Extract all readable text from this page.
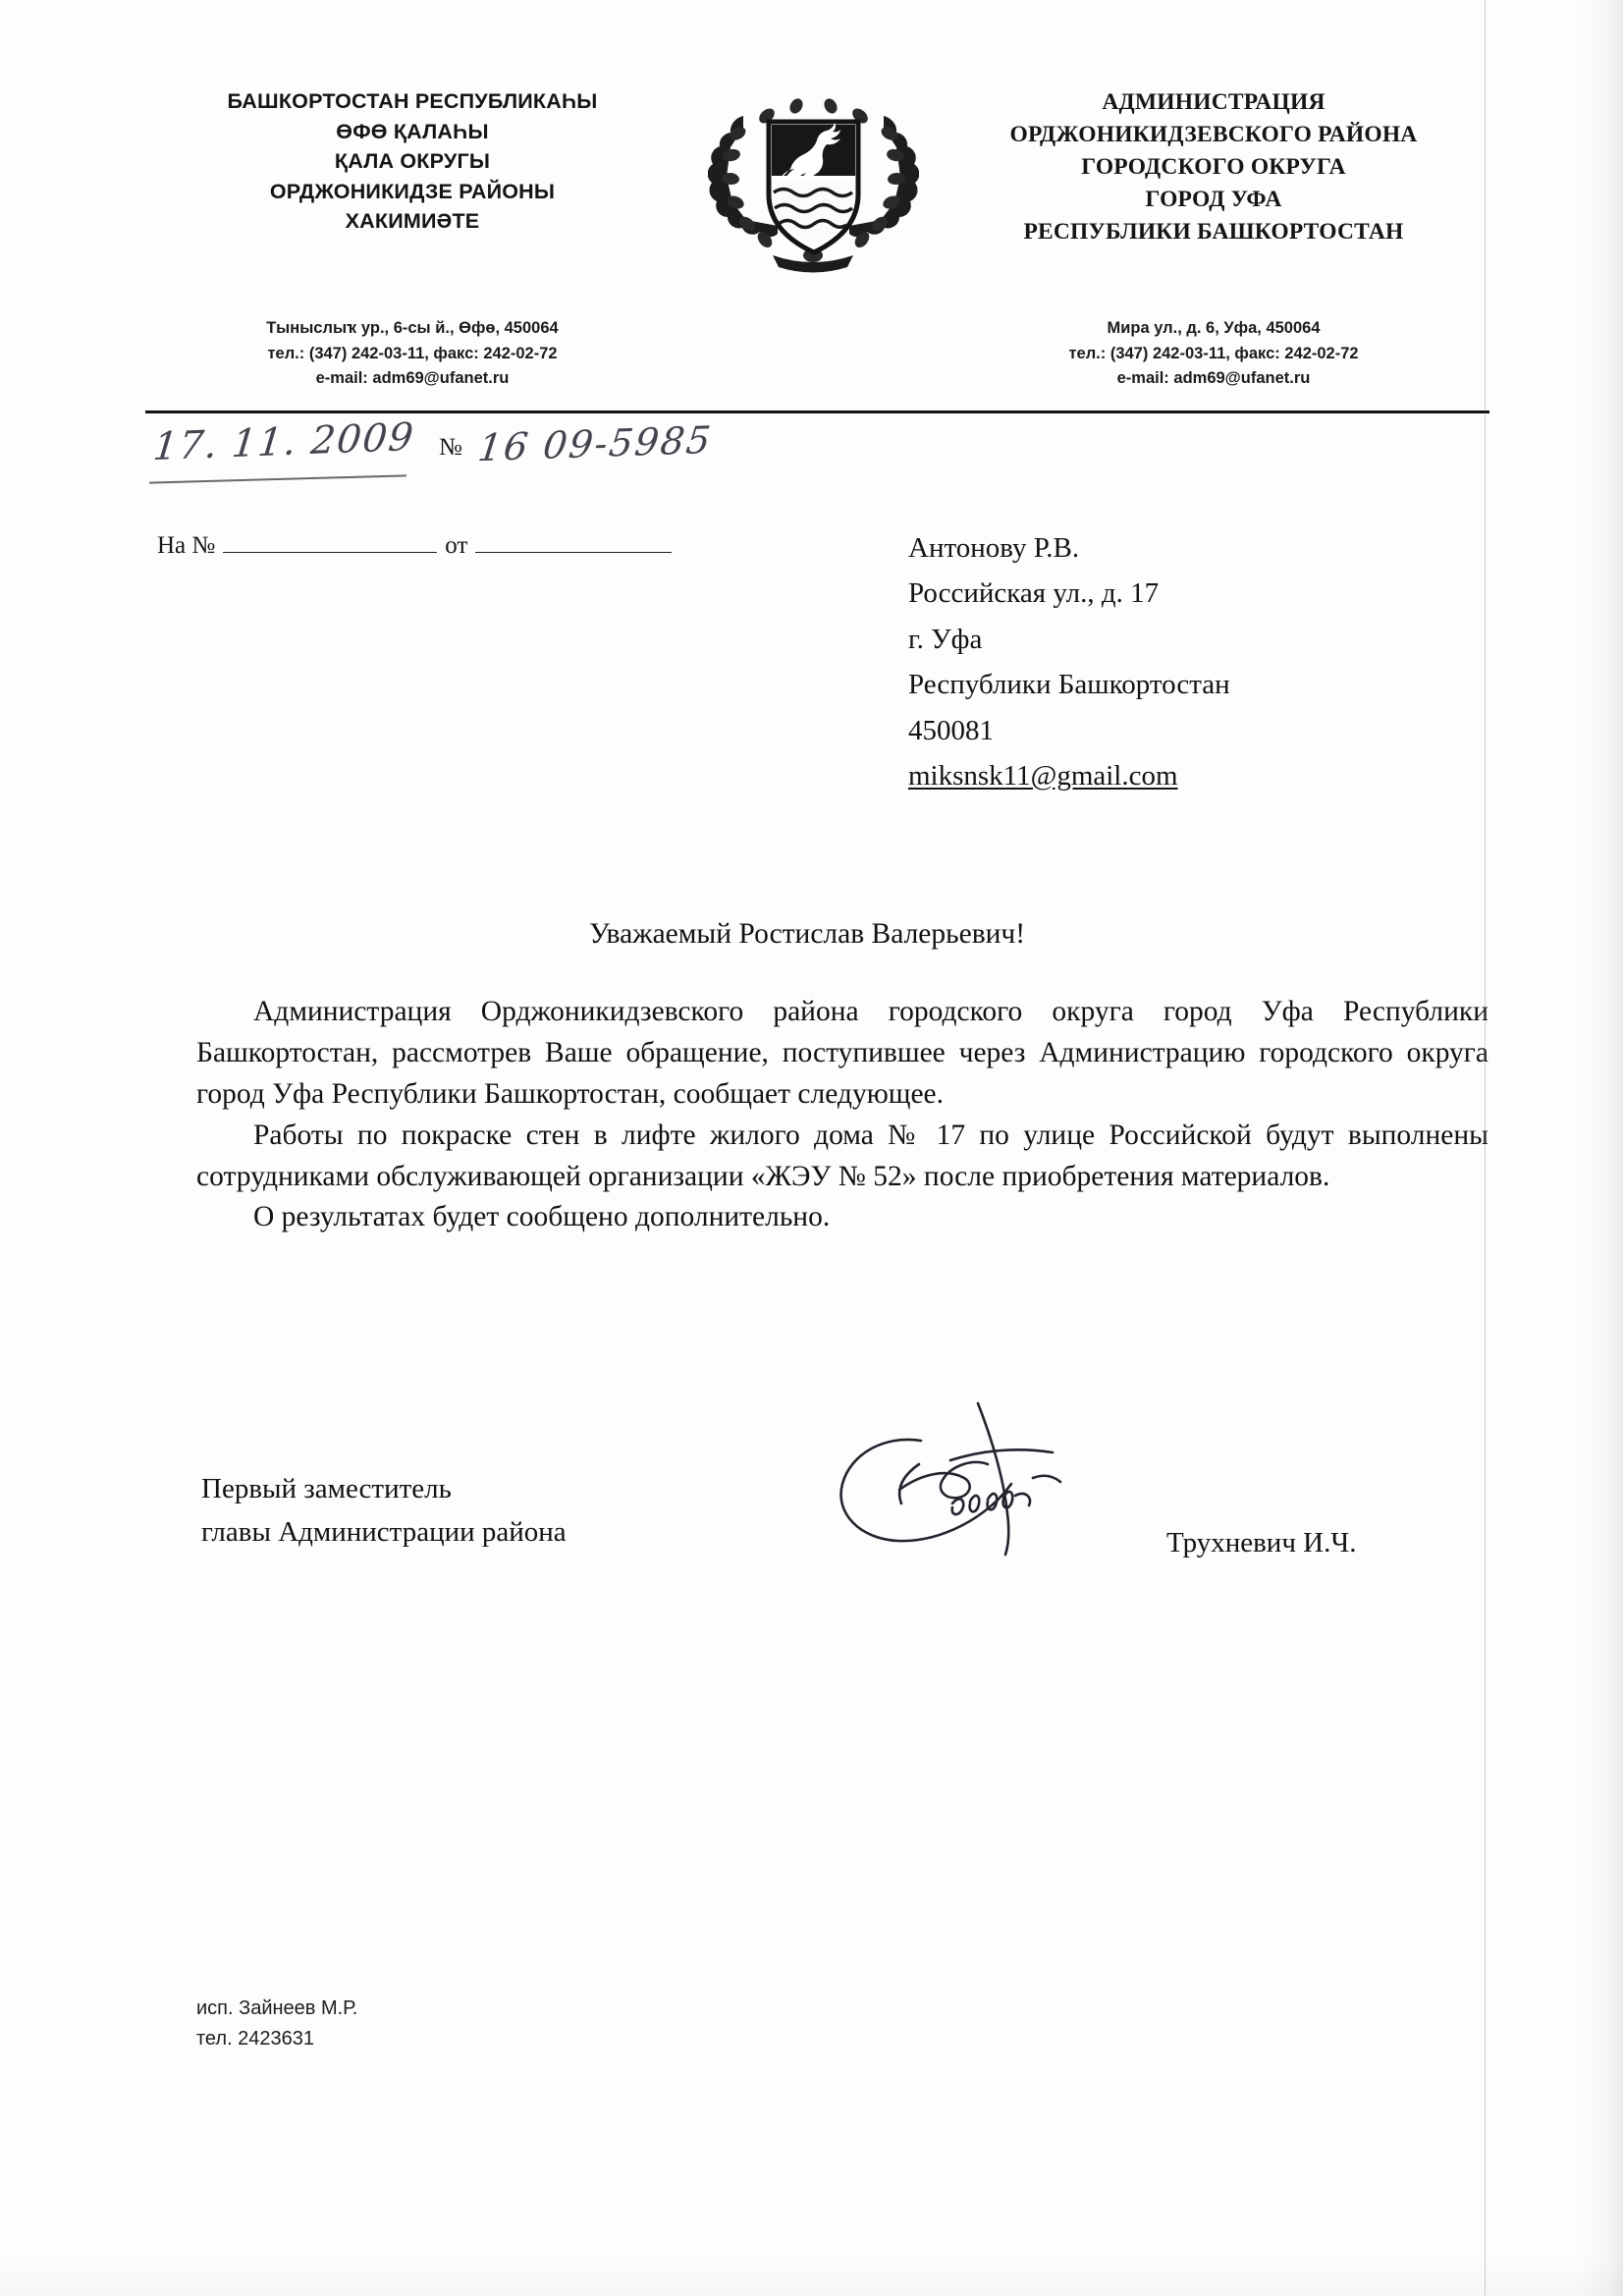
БАШКОРТОСТАН РЕСПУБЛИКАҺЫ
ӨФӨ ҚАЛАҺЫ
ҚАЛА ОКРУГЫ
ОРДЖОНИКИДЗЕ РАЙОНЫ
ХАКИМИӘТЕ
АДМИНИСТРАЦИЯ
ОРДЖОНИКИДЗЕВСКОГО РАЙОНА
ГОРОДСКОГО ОКРУГА
ГОРОД УФА
РЕСПУБЛИКИ БАШКОРТОСТАН
Тыныслыҡ ур., 6-сы й., Өфө, 450064
тел.: (347) 242-03-11, факс: 242-02-72
e-mail: adm69@ufanet.ru
Мира ул., д. 6, Уфа, 450064
тел.: (347) 242-03-11, факс: 242-02-72
e-mail: adm69@ufanet.ru
17. 11. 2009 № 16 09-5985
На №	от	Антонову Р.В.
Российская ул., д. 17
г. Уфа
Республики Башкортостан
450081
miksnsk11@gmail.com
Уважаемый Ростислав Валерьевич!

Администрация Орджоникидзевского района городского округа город Уфа Республики Башкортостан, рассмотрев Ваше обращение, поступившее через Администрацию городского округа город Уфа Республики Башкортостан, сообщает следующее.

Работы по покраске стен в лифте жилого дома № 17 по улице Российской будут выполнены сотрудниками обслуживающей организации «ЖЭУ № 52» после приобретения материалов.

О результатах будет сообщено дополнительно.

Первый заместитель
главы Администрации района	Трухневич И.Ч.
исп. Зайнеев М.Р.
тел. 2423631
